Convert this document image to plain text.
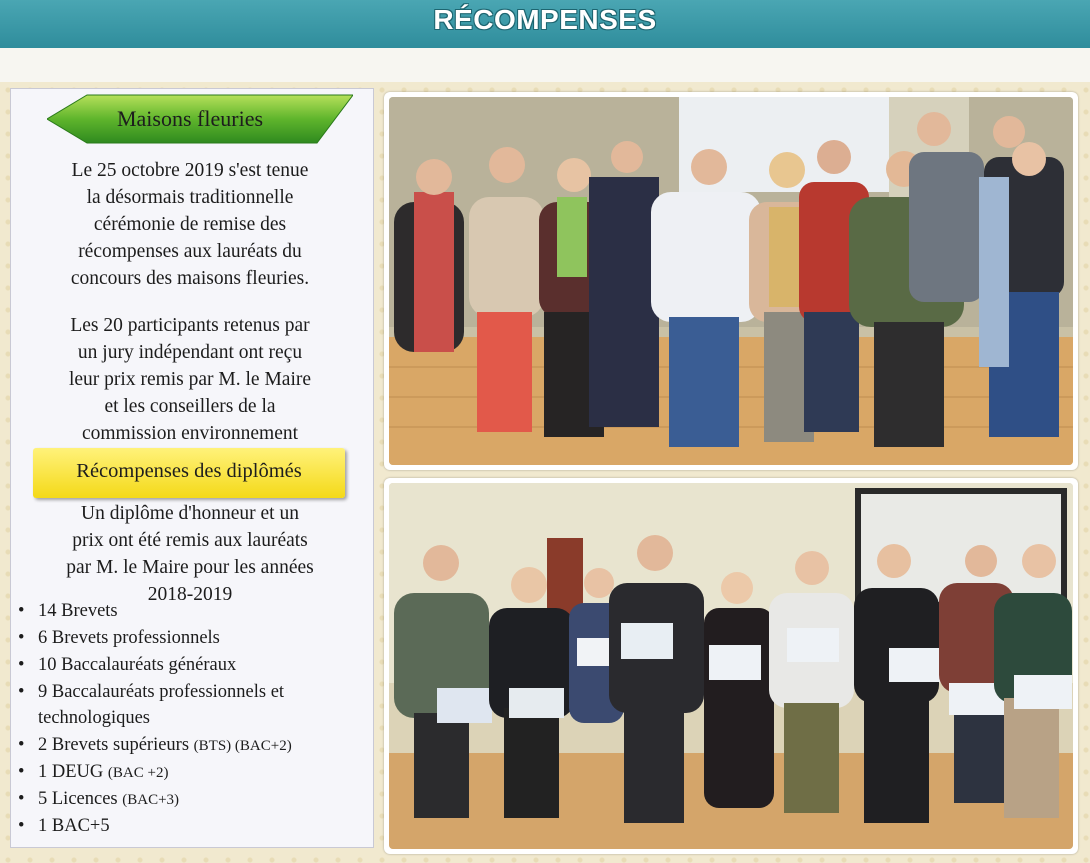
RÉCOMPENSES
Maisons fleuries
Le 25 octobre 2019 s'est tenue
la désormais traditionnelle
cérémonie de remise des
récompenses aux lauréats du
concours des maisons fleuries.
Les 20 participants retenus par
un jury indépendant ont reçu
leur prix remis par M. le Maire
et les conseillers de la
commission environnement
Récompenses des diplômés
Un diplôme d'honneur et un
prix ont été remis aux lauréats
par M. le Maire pour les années
2018-2019
• 14 Brevets
• 6 Brevets professionnels
• 10 Baccalauréats généraux
• 9 Baccalauréats professionnels et technologiques
• 2 Brevets supérieurs (BTS) (BAC+2)
• 1 DEUG (BAC +2)
• 5 Licences (BAC+3)
• 1 BAC+5
